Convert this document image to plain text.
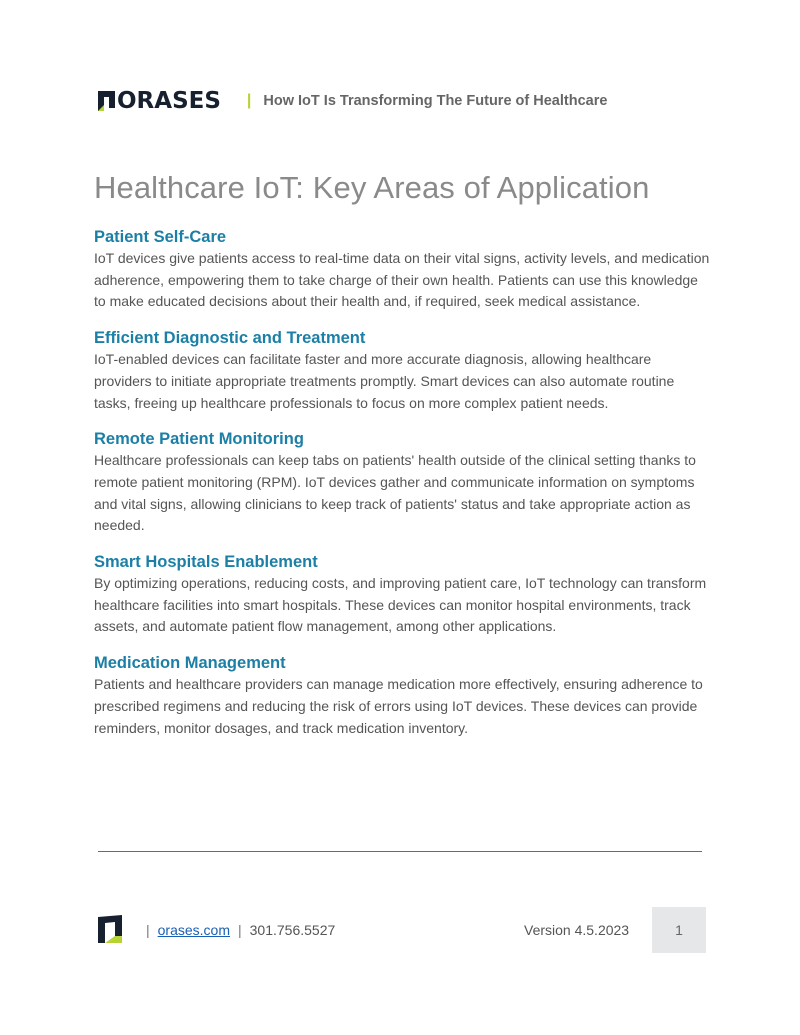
ORASES | How IoT Is Transforming The Future of Healthcare
Healthcare IoT: Key Areas of Application
Patient Self-Care

IoT devices give patients access to real-time data on their vital signs, activity levels, and medication adherence, empowering them to take charge of their own health. Patients can use this knowledge to make educated decisions about their health and, if required, seek medical assistance.

Efficient Diagnostic and Treatment

IoT-enabled devices can facilitate faster and more accurate diagnosis, allowing healthcare providers to initiate appropriate treatments promptly. Smart devices can also automate routine tasks, freeing up healthcare professionals to focus on more complex patient needs.

Remote Patient Monitoring

Healthcare professionals can keep tabs on patients' health outside of the clinical setting thanks to remote patient monitoring (RPM). IoT devices gather and communicate information on symptoms and vital signs, allowing clinicians to keep track of patients' status and take appropriate action as needed.

Smart Hospitals Enablement

By optimizing operations, reducing costs, and improving patient care, IoT technology can transform healthcare facilities into smart hospitals. These devices can monitor hospital environments, track assets, and automate patient flow management, among other applications.

Medication Management

Patients and healthcare providers can manage medication more effectively, ensuring adherence to prescribed regimens and reducing the risk of errors using IoT devices. These devices can provide reminders, monitor dosages, and track medication inventory.

| orases.com | 301.756.5527	Version 4.5.2023	1
